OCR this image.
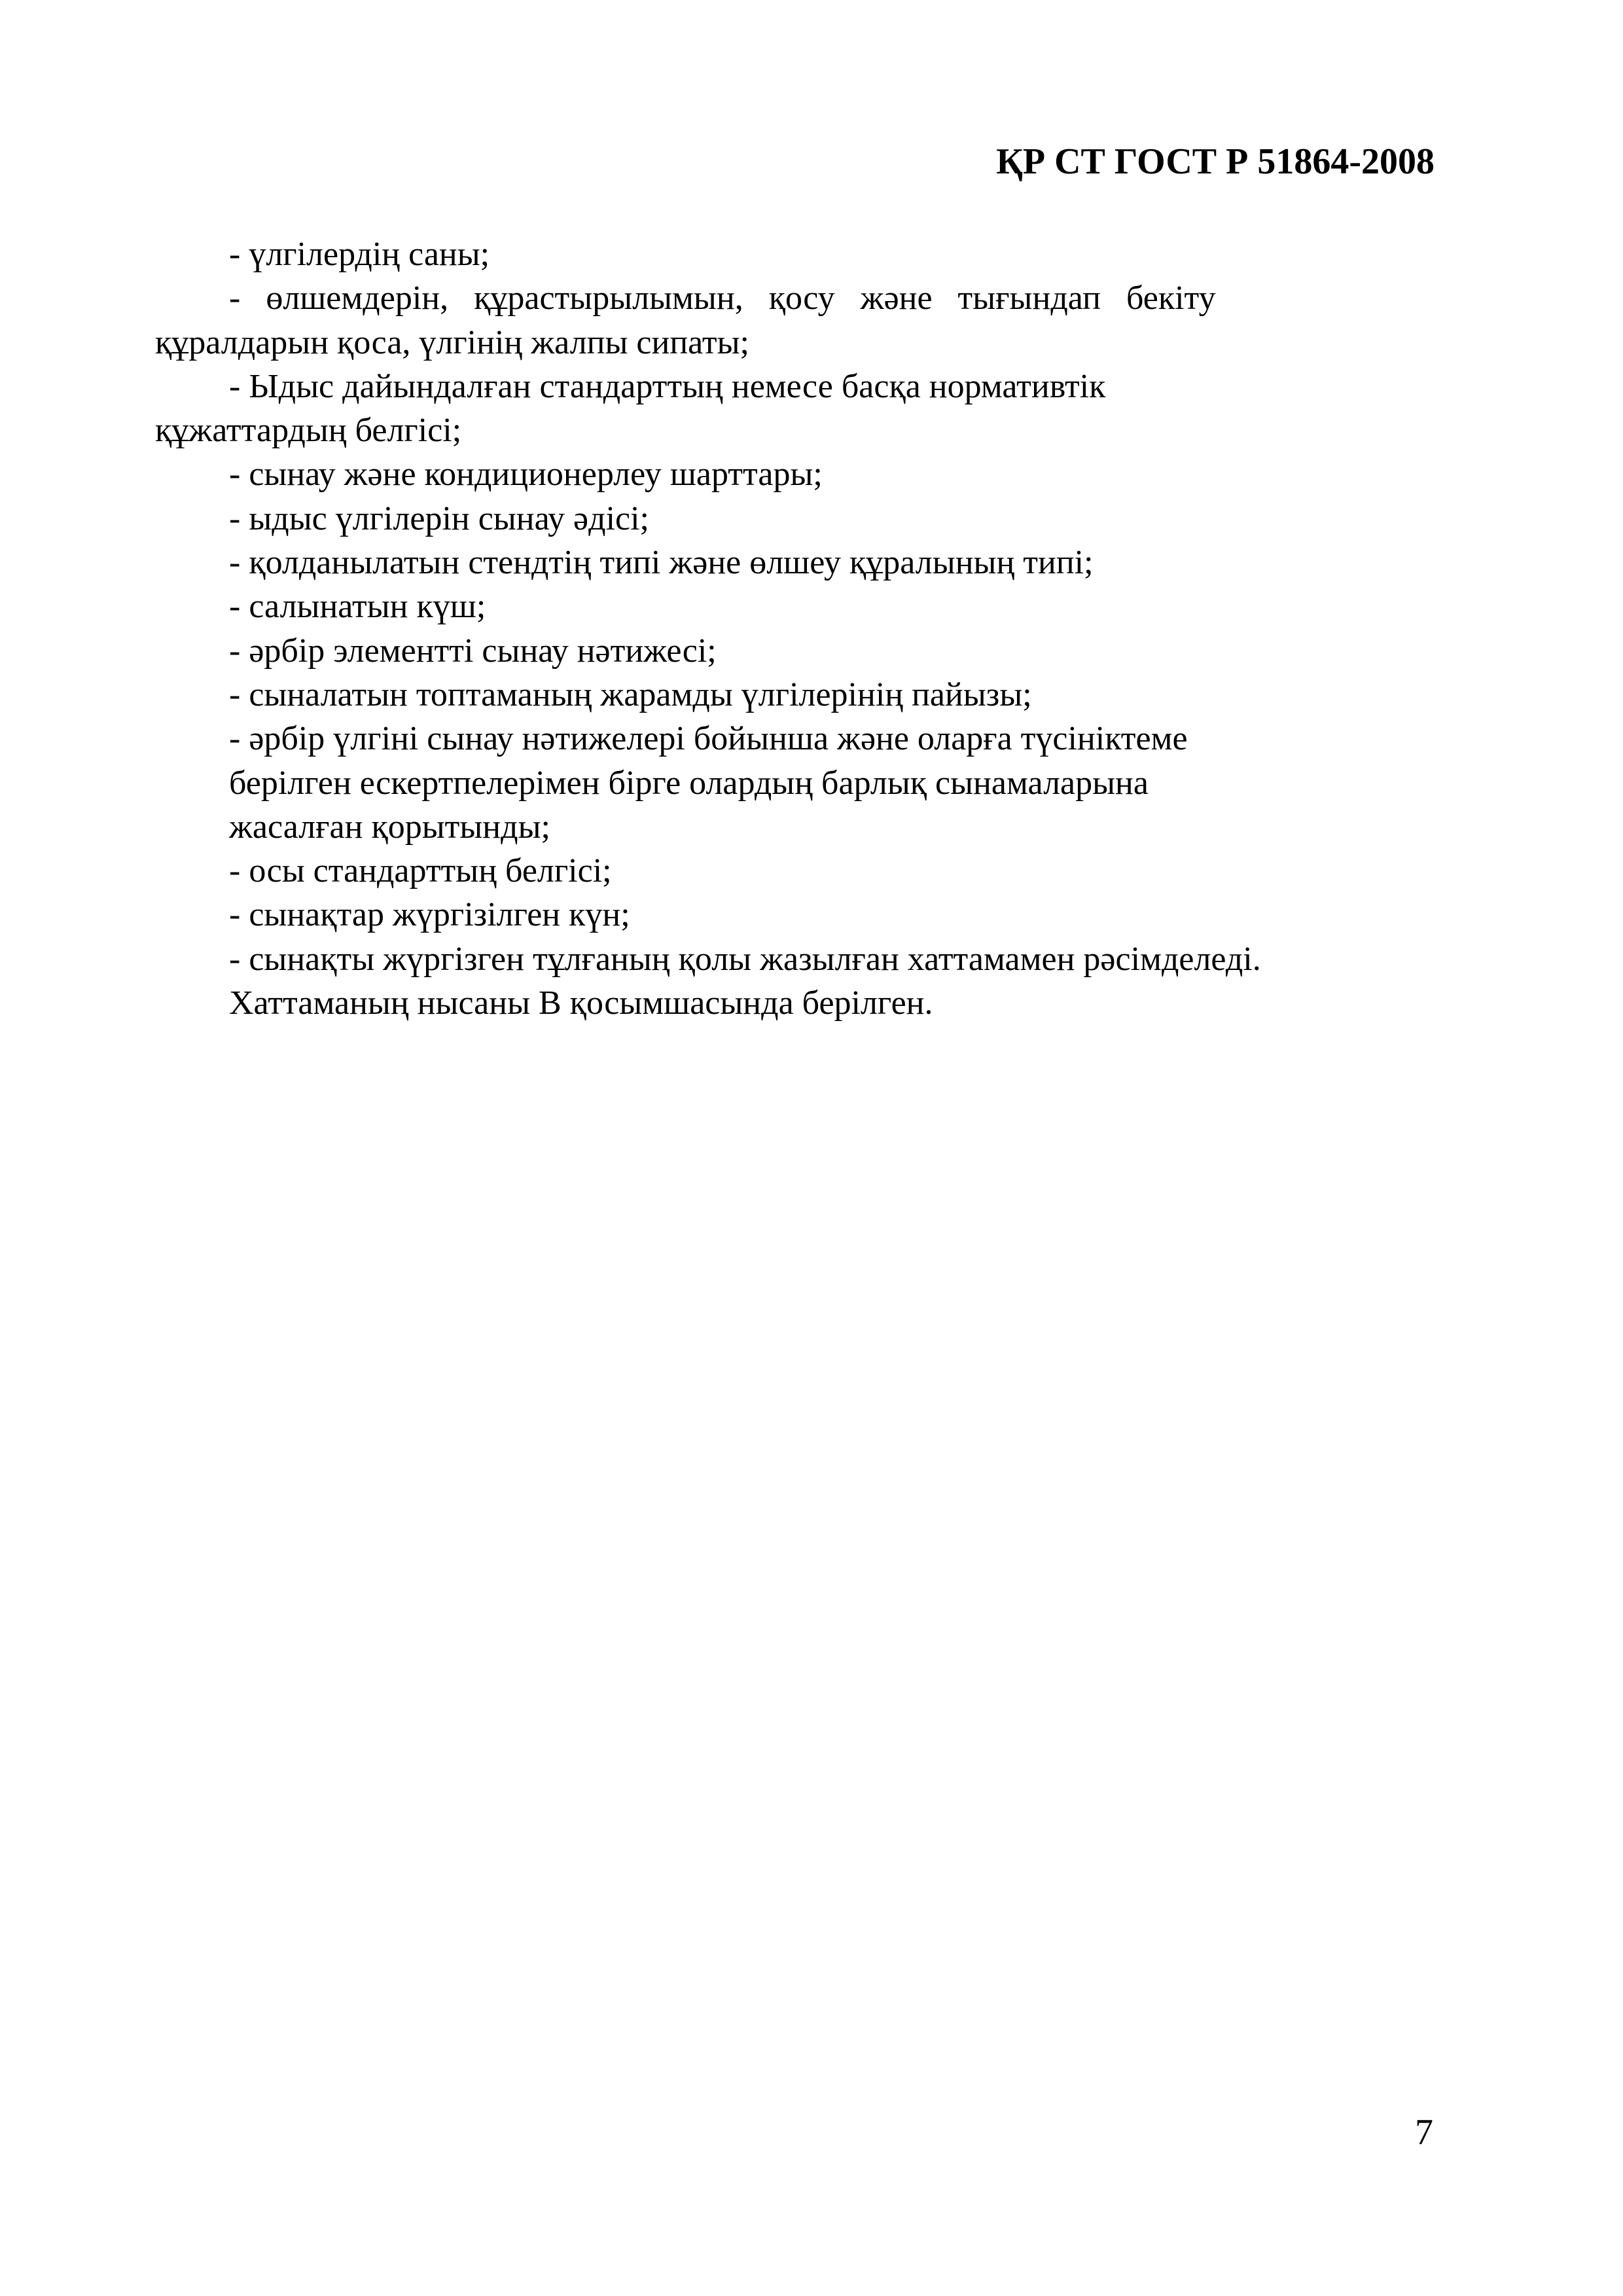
ҚР СТ ГОСТ Р 51864-2008
- үлгілердің саны;
-   өлшемдерін,   құрастырылымын,   қосу   және   тығындап   бекіту
құралдарын қоса, үлгінің жалпы сипаты;
- Ыдыс дайындалған стандарттың немесе басқа нормативтік
құжаттардың белгісі;
- сынау және кондиционерлеу шарттары;
- ыдыс үлгілерін сынау әдісі;
- қолданылатын стендтің типі және өлшеу құралының типі;
- салынатын күш;
- әрбір элементті сынау нәтижесі;
- сыналатын топтаманың жарамды үлгілерінің пайызы;
- әрбір үлгіні сынау нәтижелері бойынша және оларға түсініктеме
берілген ескертпелерімен бірге олардың барлық сынамаларына
жасалған қорытынды;
- осы стандарттың белгісі;
- сынақтар жүргізілген күн;
- сынақты жүргізген тұлғаның қолы жазылған хаттамамен рәсімделеді.
Хаттаманың нысаны В қосымшасында берілген.
7
